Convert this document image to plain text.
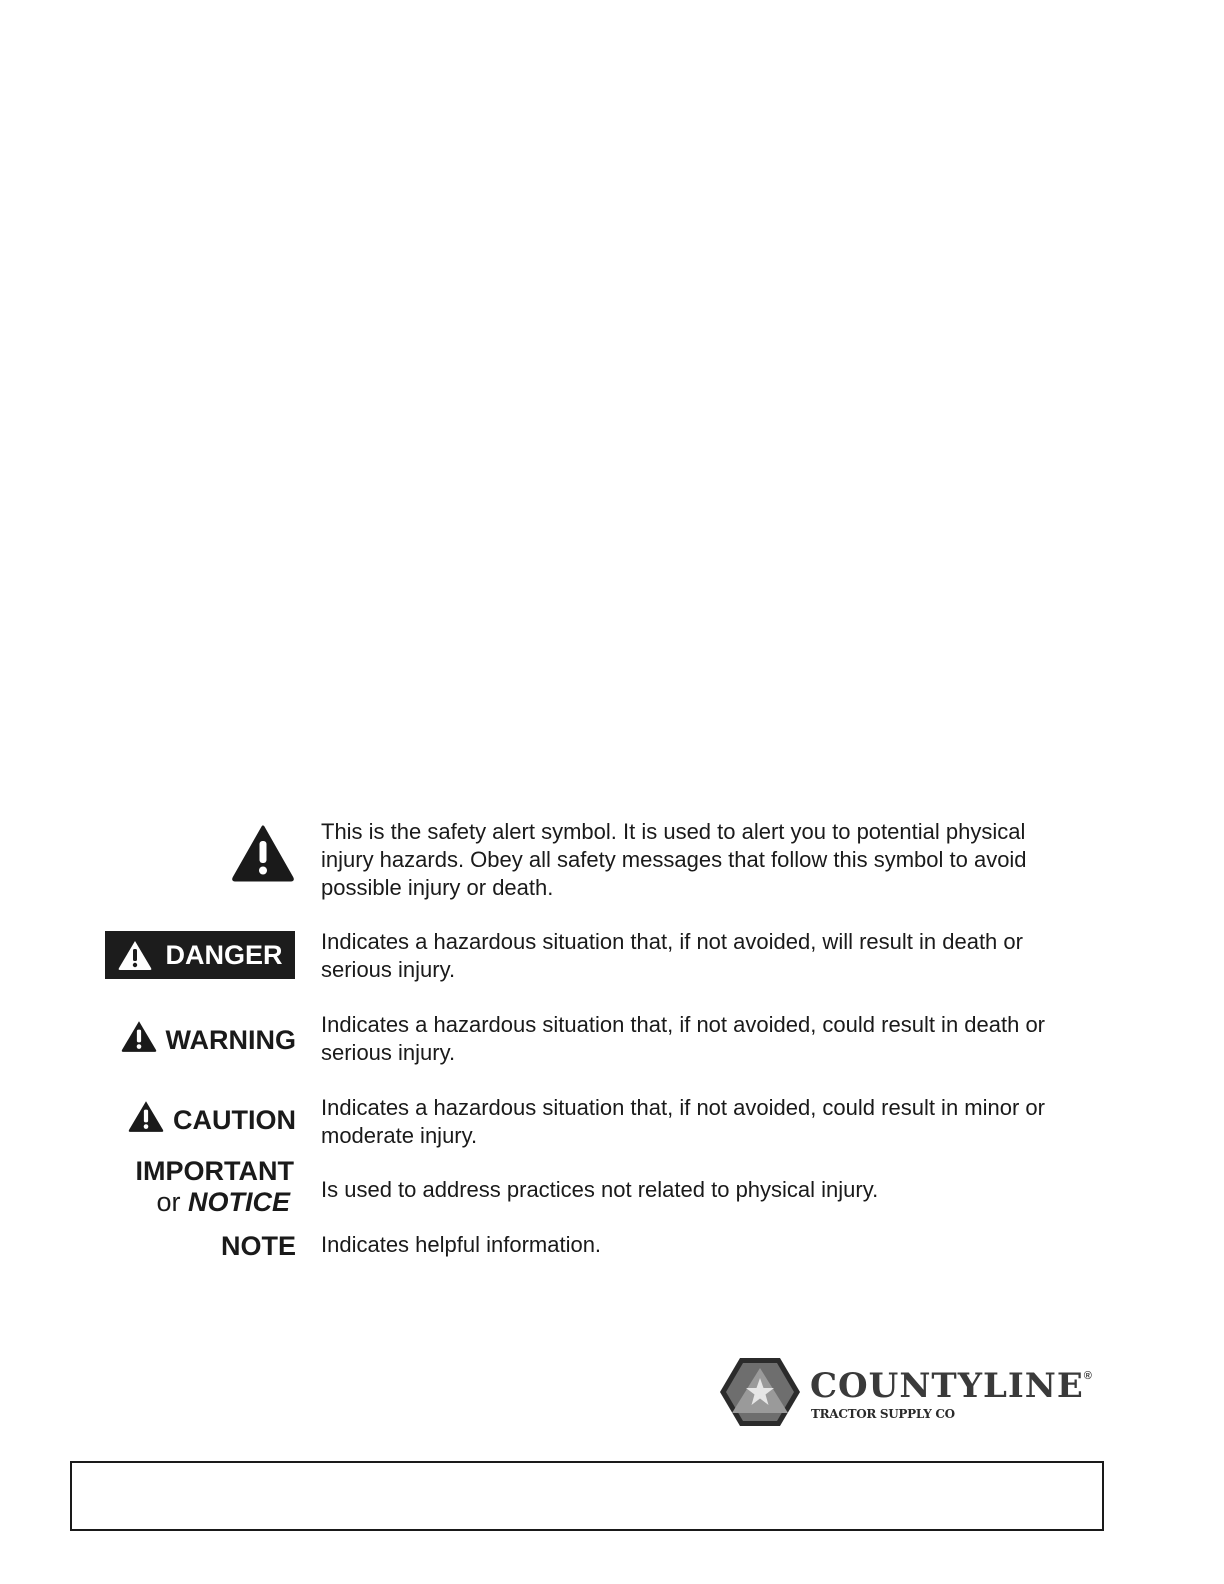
This is the safety alert symbol. It is used to alert you to potential physical injury hazards. Obey all safety messages that follow this symbol to avoid possible injury or death.
DANGER Indicates a hazardous situation that, if not avoided, will result in death or serious injury.
WARNING
Indicates a hazardous situation that, if not avoided, could result in death or serious injury.
CAUTION Indicates a hazardous situation that, if not avoided, could result in minor or moderate injury.
IMPORTANT
or NOTICE Is used to address practices not related to physical injury.
NOTE Indicates helpful information.
COUNTYLINE®
TRACTOR SUPPLY CO
